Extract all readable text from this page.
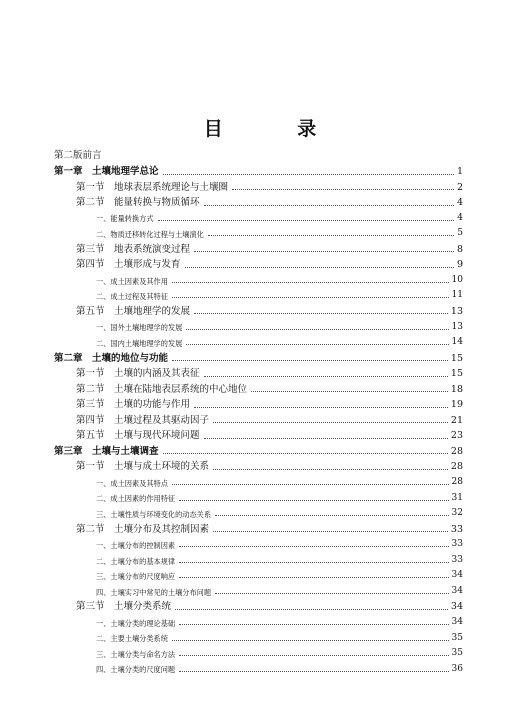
目 录
第二版前言
第一章　土壤地理学总论	1
第一节　地球表层系统理论与土壤圈	2
第二节　能量转换与物质循环	4
一、能量转换方式	4
二、物质迁移转化过程与土壤演化	5
第三节　地表系统演变过程	8
第四节　土壤形成与发育	9
一、成土因素及其作用	10
二、成土过程及其特征	11
第五节　土壤地理学的发展	13
一、国外土壤地理学的发展	13
二、国内土壤地理学的发展	14
第二章　土壤的地位与功能	15
第一节　土壤的内涵及其表征	15
第二节　土壤在陆地表层系统的中心地位	18
第三节　土壤的功能与作用	19
第四节　土壤过程及其驱动因子	21
第五节　土壤与现代环境问题	23
第三章　土壤与土壤调查	28
第一节　土壤与成土环境的关系	28
一、成土因素及其特点	28
二、成土因素的作用特征	31
三、土壤性质与环境变化的动态关系	32
第二节　土壤分布及其控制因素	33
一、土壤分布的控制因素	33
二、土壤分布的基本规律	33
三、土壤分布的尺度响应	34
四、土壤实习中常见的土壤分布问题	34
第三节　土壤分类系统	34
一、土壤分类的理论基础	34
二、主要土壤分类系统	35
三、土壤分类与命名方法	35
四、土壤分类的尺度问题	36
